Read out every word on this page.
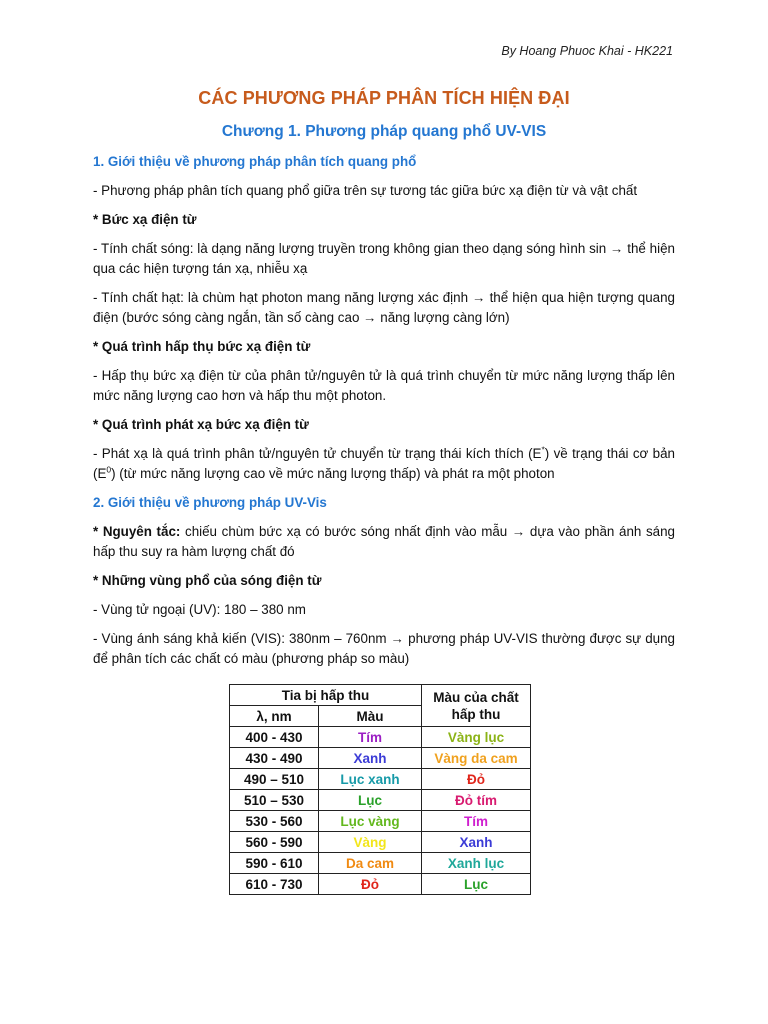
By Hoang Phuoc Khai - HK221
CÁC PHƯƠNG PHÁP PHÂN TÍCH HIỆN ĐẠI
Chương 1. Phương pháp quang phổ UV-VIS

1. Giới thiệu về phương pháp phân tích quang phổ

- Phương pháp phân tích quang phổ giữa trên sự tương tác giữa bức xạ điện từ và vật chất

* Bức xạ điện từ

- Tính chất sóng: là dạng năng lượng truyền trong không gian theo dạng sóng hình sin → thể hiện qua các hiện tượng tán xạ, nhiễu xạ

- Tính chất hạt: là chùm hạt photon mang năng lượng xác định → thể hiện qua hiện tượng quang điện (bước sóng càng ngắn, tần số càng cao → năng lượng càng lớn)

* Quá trình hấp thụ bức xạ điện từ

- Hấp thụ bức xạ điện từ của phân tử/nguyên tử là quá trình chuyển từ mức năng lượng thấp lên mức năng lượng cao hơn và hấp thu một photon.

* Quá trình phát xạ bức xạ điện từ

- Phát xạ là quá trình phân tử/nguyên tử chuyển từ trạng thái kích thích (E*) về trạng thái cơ bản $(E^0)$ (từ mức năng lượng cao về mức năng lượng thấp) và phát ra một photon

2. Giới thiệu về phương pháp UV-Vis

* Nguyên tắc: chiếu chùm bức xạ có bước sóng nhất định vào mẫu → dựa vào phần ánh sáng hấp thu suy ra hàm lượng chất đó

* Những vùng phổ của sóng điện từ

- Vùng tử ngoại (UV): 180 – 380 nm

- Vùng ánh sáng khả kiến (VIS): 380nm – 760nm → phương pháp UV-VIS thường được sự dụng để phân tích các chất có màu (phương pháp so màu)

Tia bị hấp thu		Màu của chất hấp thu
λ, nm	Màu	
400 - 430	Tím	Vàng lục
430 - 490	Xanh	Vàng da cam
490 – 510	Lục xanh	Đỏ
510 – 530	Lục	Đỏ tím
530 - 560	Lục vàng	Tím
560 - 590	Vàng	Xanh
590 - 610	Da cam	Xanh lục
610 - 730	Đỏ	Lục
